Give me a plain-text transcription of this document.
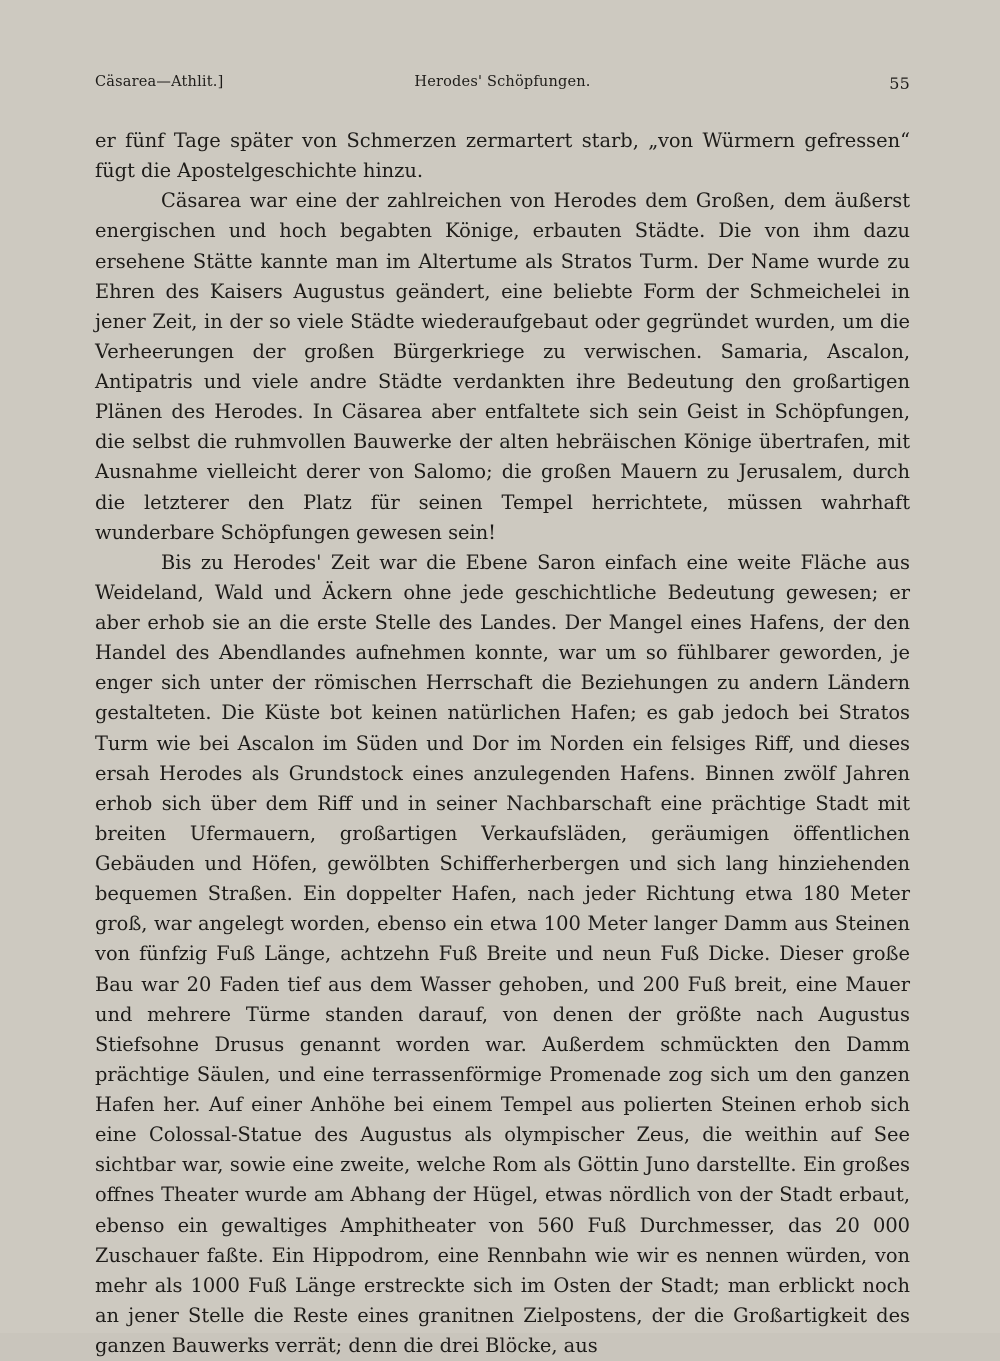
Cäsarea—Athlit.]	Herodes' Schöpfungen.	55

er fünf Tage später von Schmerzen zermartert starb, „von Würmern gefressen“ fügt die Apostelgeschichte hinzu.

Cäsarea war eine der zahlreichen von Herodes dem Großen, dem äußerst energischen und hoch begabten Könige, erbauten Städte. Die von ihm dazu ersehene Stätte kannte man im Altertume als Stratos Turm. Der Name wurde zu Ehren des Kaisers Augustus geändert, eine beliebte Form der Schmeichelei in jener Zeit, in der so viele Städte wiederaufgebaut oder gegründet wurden, um die Verheerungen der großen Bürgerkriege zu verwischen. Samaria, Ascalon, Antipatris und viele andre Städte verdankten ihre Bedeutung den großartigen Plänen des Herodes. In Cäsarea aber entfaltete sich sein Geist in Schöpfungen, die selbst die ruhmvollen Bauwerke der alten hebräischen Könige übertrafen, mit Ausnahme vielleicht derer von Salomo; die großen Mauern zu Jerusalem, durch die letzterer den Platz für seinen Tempel herrichtete, müssen wahrhaft wunderbare Schöpfungen gewesen sein!

Bis zu Herodes' Zeit war die Ebene Saron einfach eine weite Fläche aus Weideland, Wald und Äckern ohne jede geschichtliche Bedeutung gewesen; er aber erhob sie an die erste Stelle des Landes. Der Mangel eines Hafens, der den Handel des Abendlandes aufnehmen konnte, war um so fühlbarer geworden, je enger sich unter der römischen Herrschaft die Beziehungen zu andern Ländern gestalteten. Die Küste bot keinen natürlichen Hafen; es gab jedoch bei Stratos Turm wie bei Ascalon im Süden und Dor im Norden ein felsiges Riff, und dieses ersah Herodes als Grundstock eines anzulegenden Hafens. Binnen zwölf Jahren erhob sich über dem Riff und in seiner Nachbarschaft eine prächtige Stadt mit breiten Ufermauern, großartigen Verkaufsläden, geräumigen öffentlichen Gebäuden und Höfen, gewölbten Schifferherbergen und sich lang hinziehenden bequemen Straßen. Ein doppelter Hafen, nach jeder Richtung etwa 180 Meter groß, war angelegt worden, ebenso ein etwa 100 Meter langer Damm aus Steinen von fünfzig Fuß Länge, achtzehn Fuß Breite und neun Fuß Dicke. Dieser große Bau war 20 Faden tief aus dem Wasser gehoben, und 200 Fuß breit, eine Mauer und mehrere Türme standen darauf, von denen der größte nach Augustus Stiefsohne Drusus genannt worden war. Außerdem schmückten den Damm prächtige Säulen, und eine terrassenförmige Promenade zog sich um den ganzen Hafen her. Auf einer Anhöhe bei einem Tempel aus polierten Steinen erhob sich eine Colossal-Statue des Augustus als olympischer Zeus, die weithin auf See sichtbar war, sowie eine zweite, welche Rom als Göttin Juno darstellte. Ein großes offnes Theater wurde am Abhang der Hügel, etwas nördlich von der Stadt erbaut, ebenso ein gewaltiges Amphitheater von 560 Fuß Durchmesser, das 20 000 Zuschauer faßte. Ein Hippodrom, eine Rennbahn wie wir es nennen würden, von mehr als 1000 Fuß Länge erstreckte sich im Osten der Stadt; man erblickt noch an jener Stelle die Reste eines granitnen Zielpostens, der die Großartigkeit des ganzen Bauwerks verrät; denn die drei Blöcke, aus
